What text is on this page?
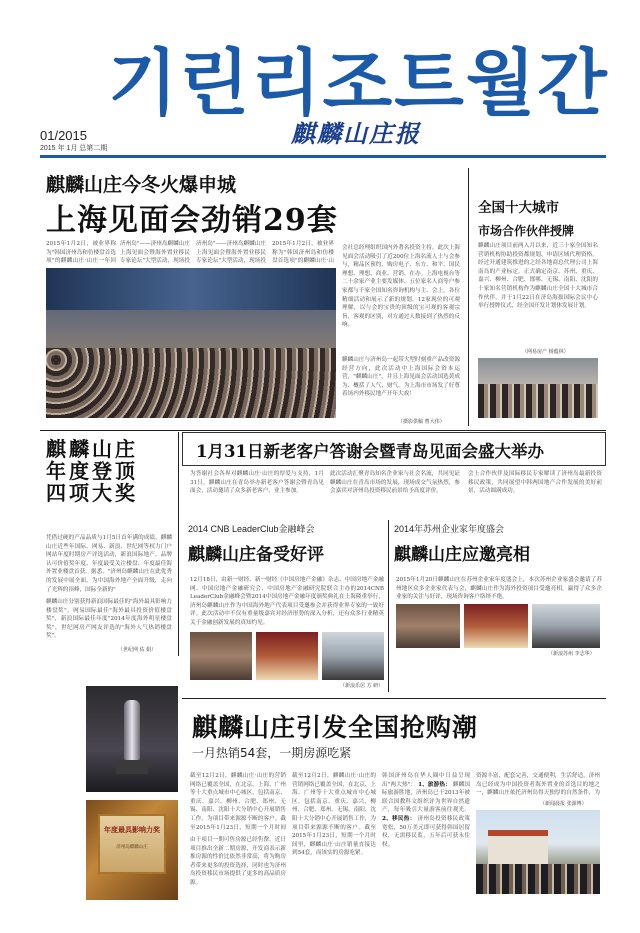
기린리조트월간
麒麟山庄报
01/2015
2015 年 1月 总第二期
麒麟山庄今冬火爆申城
上海见面会劲销29套
2015年1月2日，被业界称为"韩国济州岛和仿楼盘首选项"的麒麟山庄·山庄一年回
济州岛"——济州岛麒麟山庄上海见面会暨海外置业移民专家论坛"大型活动，现场投
济州岛"——济州岛麒麟山庄上海见面会暨海外置业移民专家论坛"大型活动，现场投
2015年1月2日，被业界称为"韩国济州岛和仿楼盘首选项"的麒麟山庄·山
会社总经理组织国内外著名投资主持。此次上海见面会活动吸引了近200位上海名流人士与会参与，精品区预约、购房电子、东方、和平、国民理想、理想、商业、营销、在办。上海电视台等二十余家产业主要发媒体、五位家名人商等户参家都与千家全国知名咨询机构与主、会上，各位精细活动和展示了新的规划。12家现位的可观理解，以与会的宝贵的顶级的宝可观的客观宗旨，客观的区别，对方通过人数接到了热烈的反响。
麒麟山庄与济州岛一起带大型时刻重产品改资源经营方向，此次活动中上海国际会资本运营，"麒麟山庄"，并且上海见面会活动国选黄成为、概括了人气、财气。为上海市市场发了好尊着场内外移民地产开年大戏！
（摄影供稿 曹大伟）
全国十大城市
市场合作伙伴授牌
麒麟山庄项目前两入月以来，近三十家全国知名营销机构协助投资都规划、申请区域代理资格。经过开通建筑推进的之经各地商总代理公司上海南岛的产业标定。正式确定南京、苏州、重庆、嘉兴、柳州、合肥、邯郸、无锡、南阳、沈阳的十家知名营销机构作为麒麟山庄全国十大城市合作伙伴。并于1月22日在济岛海拔国际会议中心举行授牌仪式，经全国开发计划体发展计划。
（网易房产 杨蕴林）
麒麟山庄
年度登顶
四项大奖
凭借过硬的产品品质与1月5日首年满的成绩，麒麟山庄近些年国际、网易、新浪、世纪网等权力门户网站年度时期房产评选活动，新浪国际地产、品牌认可价值奖年度、年度最受关注楼盘、年度最佳海外置业楼盘首获。据悉、"济州岛麒麟山庄在此优秀的发展中展全面，为中国海外地产全面升级，走向了光辉的顶峰，国际全新的"
麒麟山庄分别获得新浪国际最佳的"海外最具影响力楼盘奖"，网易国际最佳"海外最具投资价值楼盘奖"，新浪国际最佳年度"2014年度海外明星楼盘奖"，世纪网房产网友评选的"海外人气热销楼盘奖"。
（世纪网 佑 娟）
1月31日新老客户答谢会暨青岛见面会盛大举办
为答谢社会各界对麒麟山庄·山庄的厚爱与支持，1月31日，麒麟山庄在青岛举办新老客户答谢会暨青岛见面会，活动邀请了众多新老客户、业主参加。
此次活动汇聚青岛知名企业家与社会名流，共同见证麒麟山庄在青岛市场的发展，现场成交气氛热烈，参会嘉宾对济州岛投资移民前景给予高度评价。
会上合作伙伴及国际移民专家解读了济州岛最新投资移民政策，共同展望中韩两国地产合作发展的美好前景，活动圆满成功。
2014 CNB LeaderClub金融峰会
麒麟山庄备受好评
12月18日，由新一财经、新一财经《中国房地产金融》杂志、中国房地产金融网、中国房地产金融研究会、中国房地产金融研究院联合主办的2014CNB LeaderClub金融峰会暨2014中国房地产金融年度颁奖典礼在上海隆重举行，济州岛麒麟山庄作为中国海外地产代表项目受邀参会并获得业界专家的一致好评。此次活动中不仅有重量级嘉宾对经济形势的深入分析，还有众多行业精英关于金融创新发展的真知灼见。
（新浪乐居 方 研）
2014年苏州企业家年度盛会
麒麟山庄应邀亮相
2015年1月20日麒麟山庄在苏州企业家年度盛会上，本次苏州企业家盛会邀请了苏州地区众多企业家代表与会，麒麟山庄作为海外投资项目受邀亮相，赢得了众多企业家的关注与好评，现场咨询客户络绎不绝。
（新浪苏州 李志华）
年度最具影响力奖
济州岛麒麟山庄
麒麟山庄引发全国抢购潮
一月热销54套，一期房源吃紧
截至12月2日，麒麟山庄·山庄的营销网络已覆盖全国，在北京、上海、广州等十大重点城市中心城区，包括南京、重庆、嘉兴、柳州、合肥、郑州、无锡、南阳、沈阳十大分销中心开展销售工作，为项目带来源源不断的客户。截至2015年1月23日，短期一个月时间
由于项目一期可售房源已经售罄，近日项目推出全新二期房源，开发商表示新推房源的性价比依然非常高，将为购房者带来更多的投资选择，同时也为济州岛投资移民市场提供了更多的高品质房源。
截至12月2日，麒麟山庄·山庄的营销网络已覆盖全国，在北京、上海、广州等十大重点城市中心城区，包括南京、重庆、嘉兴、柳州、合肥、郑州、无锡、南阳、沈阳十大分销中心开展销售工作，为项目带来源源不断的客户。截至2015年1月23日，短期一个月时间里，麒麟山庄·山庄销量直接达到54套，而该实的房源吃紧。
韩国济州岛在华人圈中日益呈现出"两大热"： 1、旅游热： 麒麟国际旅游胜地，济州岛已于2013年被联合国教科文组织评为世界自然遗产，每年吸引大量游客前往观光。 2、移民热： 济州岛投资移民政策宽松，50万美元即可获得韩国居留权，无需移民监，五年后可获永住权。
资源丰富，配套完善，交通便利，生活舒适，济州岛已经成为中国投资者海外置业的首选目的地之一，麒麟山庄依托济州岛得天独厚的自然条件，为
（新闻晨报 张源博）
